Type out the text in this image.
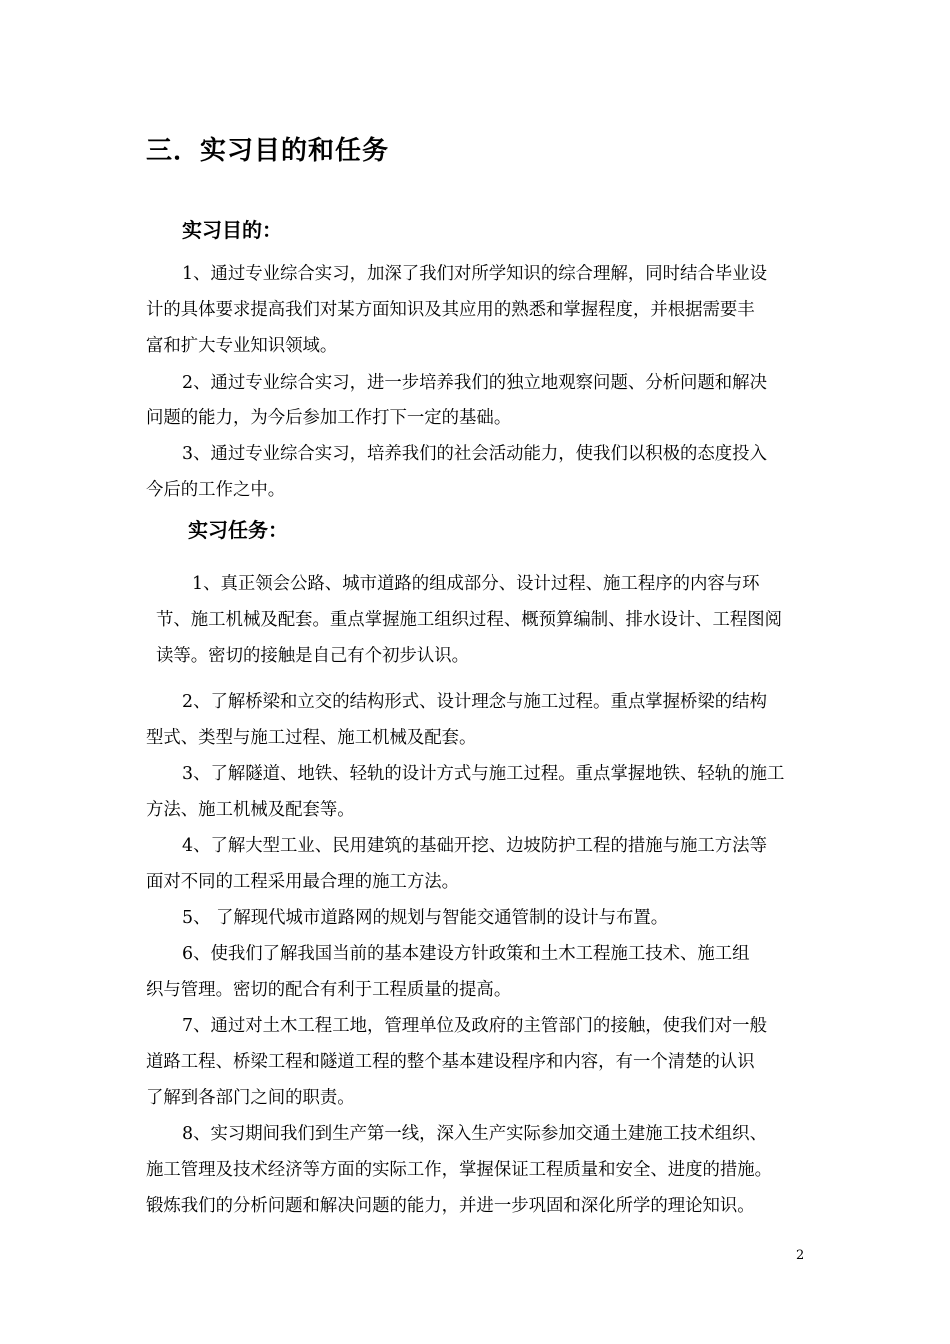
三．实习目的和任务
实习目的：

1、通过专业综合实习，加深了我们对所学知识的综合理解，同时结合毕业设

计的具体要求提高我们对某方面知识及其应用的熟悉和掌握程度，并根据需要丰

富和扩大专业知识领域。

2、通过专业综合实习，进一步培养我们的独立地观察问题、分析问题和解决

问题的能力，为今后参加工作打下一定的基础。

3、通过专业综合实习，培养我们的社会活动能力，使我们以积极的态度投入

今后的工作之中。

实习任务：

1、真正领会公路、城市道路的组成部分、设计过程、施工程序的内容与环

节、施工机械及配套。重点掌握施工组织过程、概预算编制、排水设计、工程图阅

读等。密切的接触是自己有个初步认识。

2、了解桥梁和立交的结构形式、设计理念与施工过程。重点掌握桥梁的结构

型式、类型与施工过程、施工机械及配套。

3、了解隧道、地铁、轻轨的设计方式与施工过程。重点掌握地铁、轻轨的施工

方法、施工机械及配套等。

4、了解大型工业、民用建筑的基础开挖、边坡防护工程的措施与施工方法等

面对不同的工程采用最合理的施工方法。

5、 了解现代城市道路网的规划与智能交通管制的设计与布置。

6、使我们了解我国当前的基本建设方针政策和土木工程施工技术、施工组

织与管理。密切的配合有利于工程质量的提高。

7、通过对土木工程工地，管理单位及政府的主管部门的接触，使我们对一般

道路工程、桥梁工程和隧道工程的整个基本建设程序和内容，有一个清楚的认识

了解到各部门之间的职责。

8、实习期间我们到生产第一线，深入生产实际参加交通土建施工技术组织、

施工管理及技术经济等方面的实际工作，掌握保证工程质量和安全、进度的措施。

锻炼我们的分析问题和解决问题的能力，并进一步巩固和深化所学的理论知识。

2
